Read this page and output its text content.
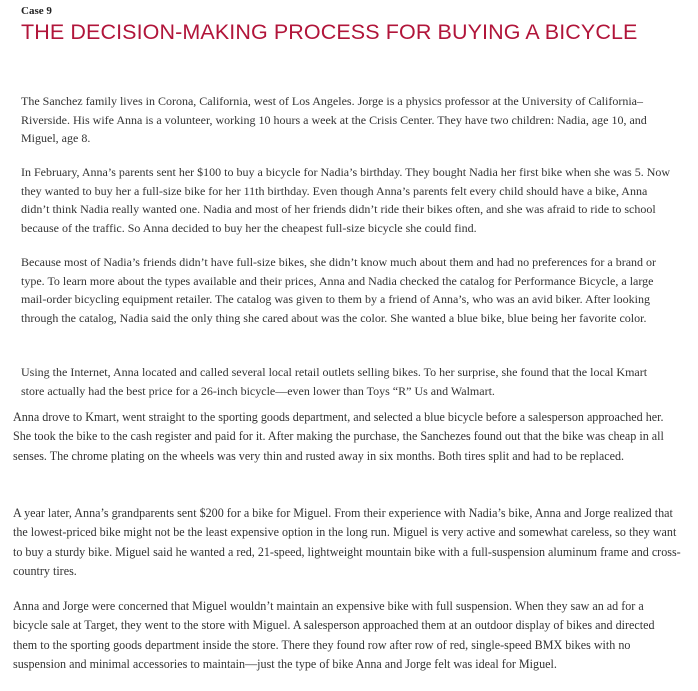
Case 9

THE DECISION-MAKING PROCESS FOR BUYING A BICYCLE

The Sanchez family lives in Corona, California, west of Los Angeles. Jorge is a physics professor at the University of California–Riverside. His wife Anna is a volunteer, working 10 hours a week at the Crisis Center. They have two children: Nadia, age 10, and Miguel, age 8.

In February, Anna’s parents sent her $100 to buy a bicycle for Nadia’s birthday. They bought Nadia her first bike when she was 5. Now they wanted to buy her a full-size bike for her 11th birthday. Even though Anna’s parents felt every child should have a bike, Anna didn’t think Nadia really wanted one. Nadia and most of her friends didn’t ride their bikes often, and she was afraid to ride to school because of the traffic. So Anna decided to buy her the cheapest full-size bicycle she could find.

Because most of Nadia’s friends didn’t have full-size bikes, she didn’t know much about them and had no preferences for a brand or type. To learn more about the types available and their prices, Anna and Nadia checked the catalog for Performance Bicycle, a large mail-order bicycling equipment retailer. The catalog was given to them by a friend of Anna’s, who was an avid biker. After looking through the catalog, Nadia said the only thing she cared about was the color. She wanted a blue bike, blue being her favorite color.

Using the Internet, Anna located and called several local retail outlets selling bikes. To her surprise, she found that the local Kmart store actually had the best price for a 26-inch bicycle—even lower than Toys “R” Us and Walmart.

Anna drove to Kmart, went straight to the sporting goods department, and selected a blue bicycle before a salesperson approached her. She took the bike to the cash register and paid for it. After making the purchase, the Sanchezes found out that the bike was cheap in all senses. The chrome plating on the wheels was very thin and rusted away in six months. Both tires split and had to be replaced.

A year later, Anna’s grandparents sent $200 for a bike for Miguel. From their experience with Nadia’s bike, Anna and Jorge realized that the lowest-priced bike might not be the least expensive option in the long run. Miguel is very active and somewhat careless, so they want to buy a sturdy bike. Miguel said he wanted a red, 21-speed, lightweight mountain bike with a full-suspension aluminum frame and cross-country tires.

Anna and Jorge were concerned that Miguel wouldn’t maintain an expensive bike with full suspension. When they saw an ad for a bicycle sale at Target, they went to the store with Miguel. A salesperson approached them at an outdoor display of bikes and directed them to the sporting goods department inside the store. There they found row after row of red, single-speed BMX bikes with no suspension and minimal accessories to maintain—just the type of bike Anna and Jorge felt was ideal for Miguel.
